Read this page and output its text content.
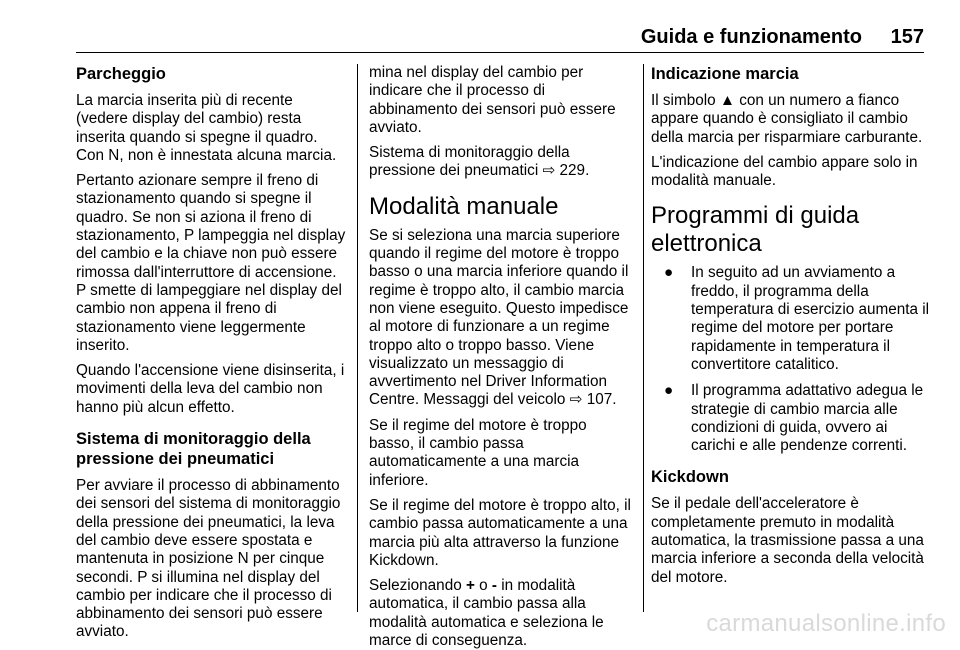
Guida e funzionamento 157
Parcheggio

La marcia inserita più di recente (vedere display del cambio) resta inserita quando si spegne il quadro. Con N, non è innestata alcuna marcia.

Pertanto azionare sempre il freno di stazionamento quando si spegne il quadro. Se non si aziona il freno di stazionamento, P lampeggia nel display del cambio e la chiave non può essere rimossa dall'interruttore di accensione. P smette di lampeggiare nel display del cambio non appena il freno di stazionamento viene leggermente inserito.

Quando l'accensione viene disinserita, i movimenti della leva del cambio non hanno più alcun effetto.

Sistema di monitoraggio della pressione dei pneumatici

Per avviare il processo di abbinamento dei sensori del sistema di monitoraggio della pressione dei pneumatici, la leva del cambio deve essere spostata e mantenuta in posizione N per cinque secondi. P si illumina nel display del cambio per indicare che il processo di abbinamento dei sensori può essere avviato.

mina nel display del cambio per indicare che il processo di abbinamento dei sensori può essere avviato.

Sistema di monitoraggio della pressione dei pneumatici ⇨ 229.

Modalità manuale

Se si seleziona una marcia superiore quando il regime del motore è troppo basso o una marcia inferiore quando il regime è troppo alto, il cambio marcia non viene eseguito. Questo impedisce al motore di funzionare a un regime troppo alto o troppo basso. Viene visualizzato un messaggio di avvertimento nel Driver Information Centre. Messaggi del veicolo ⇨ 107.

Se il regime del motore è troppo basso, il cambio passa automaticamente a una marcia inferiore.

Se il regime del motore è troppo alto, il cambio passa automaticamente a una marcia più alta attraverso la funzione Kickdown.

Selezionando + o - in modalità automatica, il cambio passa alla modalità automatica e seleziona le marce di conseguenza.

Indicazione marcia

Il simbolo ▲ con un numero a fianco appare quando è consigliato il cambio della marcia per risparmiare carburante.

L'indicazione del cambio appare solo in modalità manuale.

Programmi di guida elettronica
● In seguito ad un avviamento a freddo, il programma della temperatura di esercizio aumenta il regime del motore per portare rapidamente in temperatura il convertitore catalitico.
● Il programma adattativo adegua le strategie di cambio marcia alle condizioni di guida, ovvero ai carichi e alle pendenze correnti.
Kickdown

Se il pedale dell'acceleratore è completamente premuto in modalità automatica, la trasmissione passa a una marcia inferiore a seconda della velocità del motore.

carmanualsonline.info
